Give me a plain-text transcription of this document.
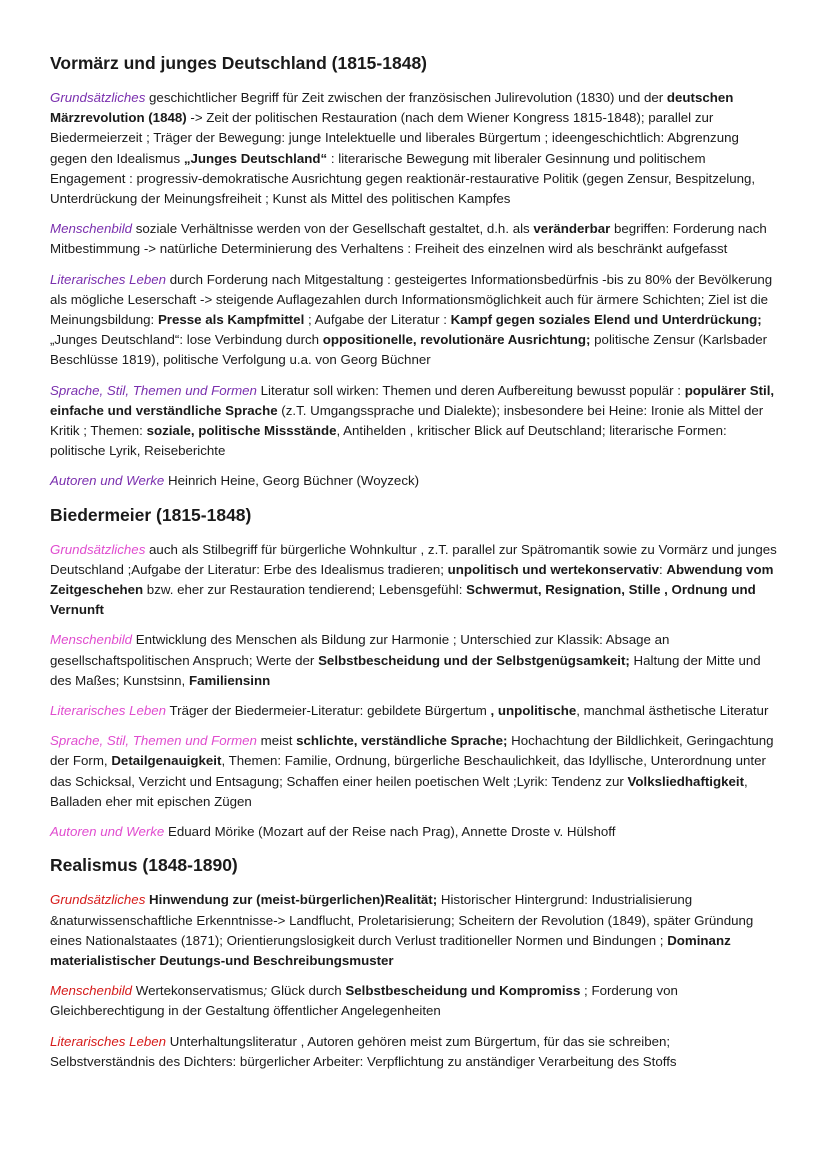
Vormärz und junges Deutschland (1815-1848)

Grundsätzliches geschichtlicher Begriff für Zeit zwischen der französischen Julirevolution (1830) und der deutschen Märzrevolution (1848) -> Zeit der politischen Restauration (nach dem Wiener Kongress 1815-1848); parallel zur Biedermeierzeit ; Träger der Bewegung: junge Intelektuelle und liberales Bürgertum ; ideengeschichtlich: Abgrenzung gegen den Idealismus „Junges Deutschland“ : literarische Bewegung mit liberaler Gesinnung und politischem Engagement : progressiv-demokratische Ausrichtung gegen reaktionär-restaurative Politik (gegen Zensur, Bespitzelung, Unterdrückung der Meinungsfreiheit ; Kunst als Mittel des politischen Kampfes

Menschenbild soziale Verhältnisse werden von der Gesellschaft gestaltet, d.h. als veränderbar begriffen: Forderung nach Mitbestimmung -> natürliche Determinierung des Verhaltens : Freiheit des einzelnen wird als beschränkt aufgefasst

Literarisches Leben durch Forderung nach Mitgestaltung : gesteigertes Informationsbedürfnis -bis zu 80% der Bevölkerung als mögliche Leserschaft -> steigende Auflagezahlen durch Informationsmöglichkeit auch für ärmere Schichten; Ziel ist die Meinungsbildung: Presse als Kampfmittel ; Aufgabe der Literatur : Kampf gegen soziales Elend und Unterdrückung; „Junges Deutschland“: lose Verbindung durch oppositionelle, revolutionäre Ausrichtung; politische Zensur (Karlsbader Beschlüsse 1819), politische Verfolgung u.a. von Georg Büchner

Sprache, Stil, Themen und Formen Literatur soll wirken: Themen und deren Aufbereitung bewusst populär : populärer Stil, einfache und verständliche Sprache (z.T. Umgangssprache und Dialekte); insbesondere bei Heine: Ironie als Mittel der Kritik ; Themen: soziale, politische Missstände, Antihelden , kritischer Blick auf Deutschland; literarische Formen: politische Lyrik, Reiseberichte

Autoren und Werke Heinrich Heine, Georg Büchner (Woyzeck)

Biedermeier (1815-1848)

Grundsätzliches auch als Stilbegriff für bürgerliche Wohnkultur , z.T. parallel zur Spätromantik sowie zu Vormärz und junges Deutschland ;Aufgabe der Literatur: Erbe des Idealismus tradieren; unpolitisch und wertekonservativ: Abwendung vom Zeitgeschehen bzw. eher zur Restauration tendierend; Lebensgefühl: Schwermut, Resignation, Stille , Ordnung und Vernunft

Menschenbild Entwicklung des Menschen als Bildung zur Harmonie ; Unterschied zur Klassik: Absage an gesellschaftspolitischen Anspruch; Werte der Selbstbescheidung und der Selbstgenügsamkeit; Haltung der Mitte und des Maßes; Kunstsinn, Familiensinn

Literarisches Leben Träger der Biedermeier-Literatur: gebildete Bürgertum , unpolitische, manchmal ästhetische Literatur

Sprache, Stil, Themen und Formen meist schlichte, verständliche Sprache; Hochachtung der Bildlichkeit, Geringachtung der Form, Detailgenauigkeit, Themen: Familie, Ordnung, bürgerliche Beschaulichkeit, das Idyllische, Unterordnung unter das Schicksal, Verzicht und Entsagung; Schaffen einer heilen poetischen Welt ;Lyrik: Tendenz zur Volksliedhaftigkeit, Balladen eher mit epischen Zügen

Autoren und Werke Eduard Mörike (Mozart auf der Reise nach Prag), Annette Droste v. Hülshoff

Realismus (1848-1890)

Grundsätzliches Hinwendung zur (meist-bürgerlichen)Realität; Historischer Hintergrund: Industrialisierung &naturwissenschaftliche Erkenntnisse-> Landflucht, Proletarisierung; Scheitern der Revolution (1849), später Gründung eines Nationalstaates (1871); Orientierungslosigkeit durch Verlust traditioneller Normen und Bindungen ; Dominanz materialistischer Deutungs-und Beschreibungsmuster

Menschenbild Wertekonservatismus; Glück durch Selbstbescheidung und Kompromiss ; Forderung von Gleichberechtigung in der Gestaltung öffentlicher Angelegenheiten

Literarisches Leben Unterhaltungsliteratur , Autoren gehören meist zum Bürgertum, für das sie schreiben; Selbstverständnis des Dichters: bürgerlicher Arbeiter: Verpflichtung zu anständiger Verarbeitung des Stoffs
